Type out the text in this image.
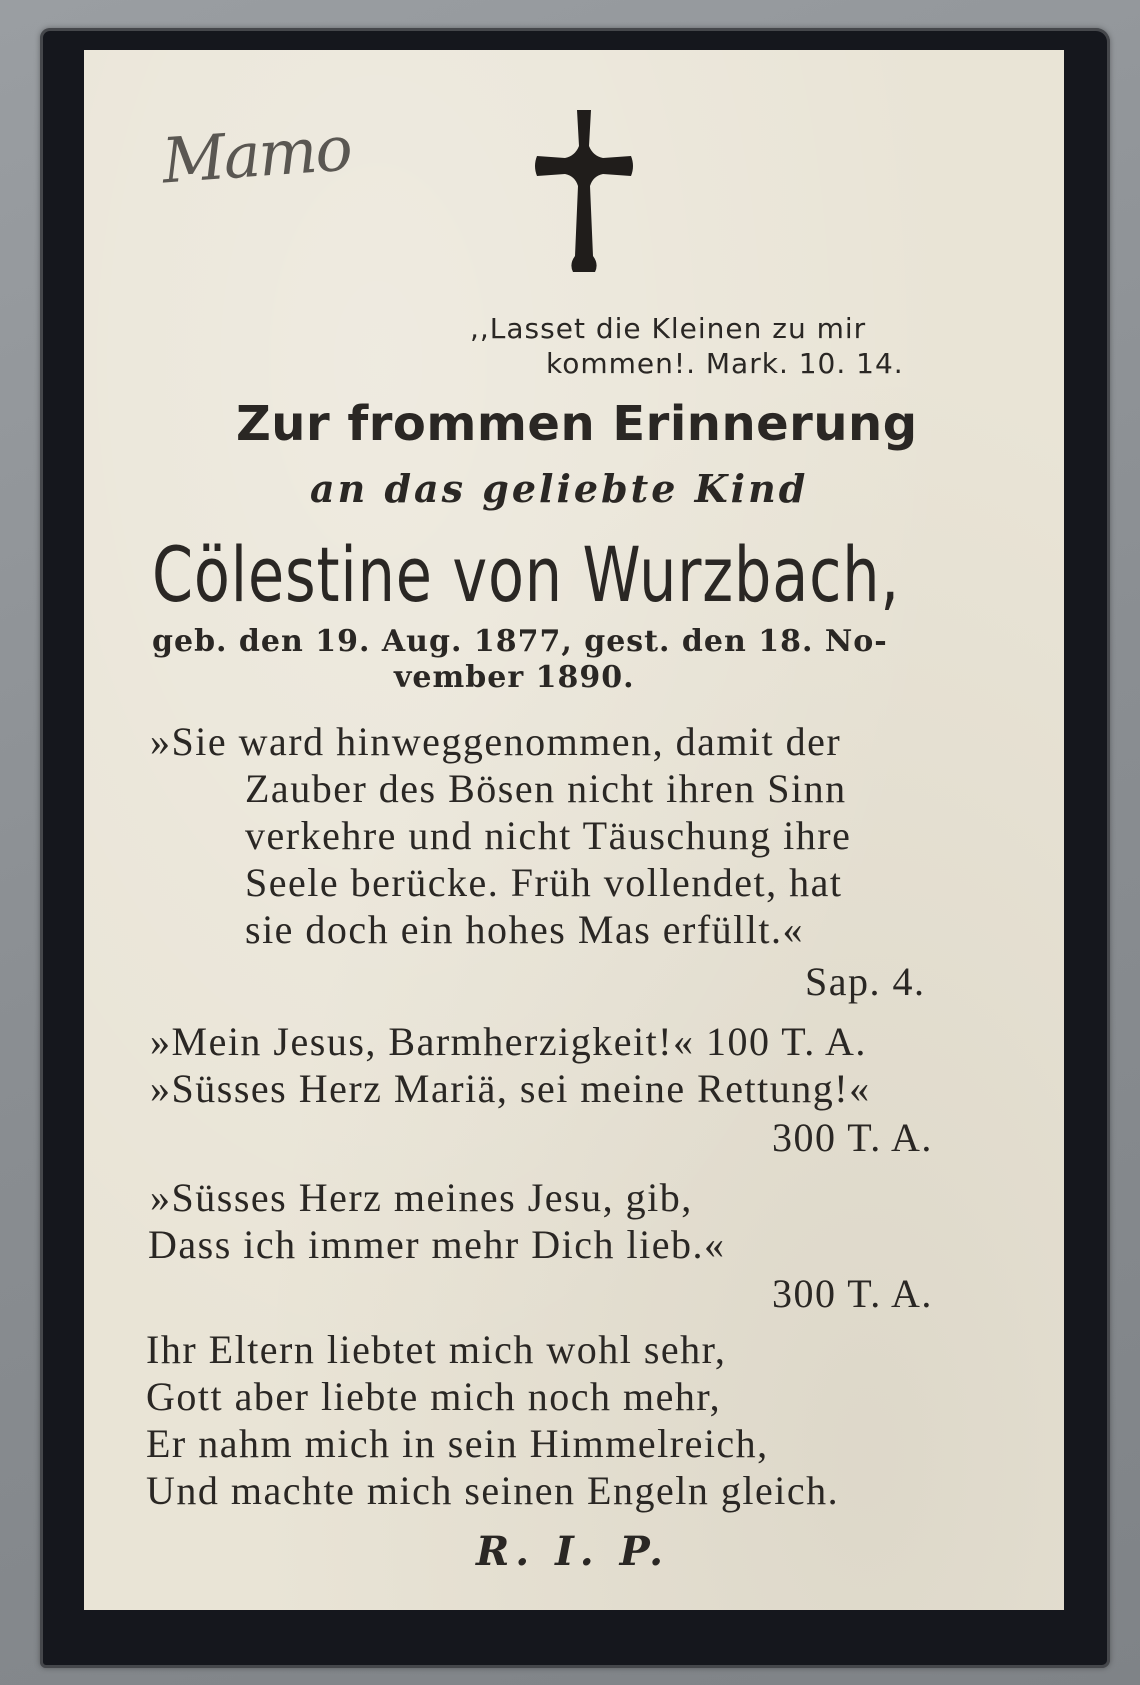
Mamo
,,Lasset die Kleinen zu mir
kommen!. Mark. 10. 14.
Zur frommen Erinnerung
an das geliebte Kind
Cölestine von Wurzbach,
geb. den 19. Aug. 1877, gest. den 18. No-
vember 1890.
»Sie ward hinweggenommen, damit der
Zauber des Bösen nicht ihren Sinn
verkehre und nicht Täuschung ihre
Seele berücke. Früh vollendet, hat
sie doch ein hohes Mas erfüllt.«
Sap. 4.
»Mein Jesus, Barmherzigkeit!« 100 T. A.
»Süsses Herz Mariä, sei meine Rettung!«
300 T. A.
»Süsses Herz meines Jesu, gib,
Dass ich immer mehr Dich lieb.«
300 T. A.
Ihr Eltern liebtet mich wohl sehr,
Gott aber liebte mich noch mehr,
Er nahm mich in sein Himmelreich,
Und machte mich seinen Engeln gleich.
R. I. P.
